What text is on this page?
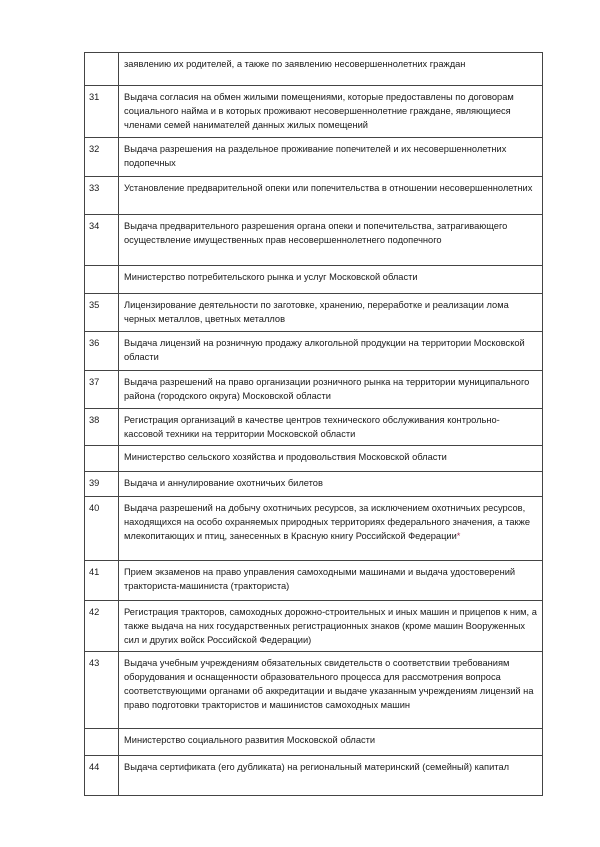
	заявлению их родителей, а также по заявлению несовершеннолетних граждан
31	Выдача согласия на обмен жилыми помещениями, которые предоставлены по договорам социального найма и в которых проживают несовершеннолетние граждане, являющиеся членами семей нанимателей данных жилых помещений
32	Выдача разрешения на раздельное проживание попечителей и их несовершеннолетних подопечных
33	Установление предварительной опеки или попечительства в отношении несовершеннолетних
34	Выдача предварительного разрешения органа опеки и попечительства, затрагивающего осуществление имущественных прав несовершеннолетнего подопечного
	Министерство потребительского рынка и услуг Московской области
35	Лицензирование деятельности по заготовке, хранению, переработке и реализации лома черных металлов, цветных металлов
36	Выдача лицензий на розничную продажу алкогольной продукции на территории Московской области
37	Выдача разрешений на право организации розничного рынка на территории муниципального района (городского округа) Московской области
38	Регистрация организаций в качестве центров технического обслуживания контрольно-кассовой техники на территории Московской области
	Министерство сельского хозяйства и продовольствия Московской области
39	Выдача и аннулирование охотничьих билетов
40	Выдача разрешений на добычу охотничьих ресурсов, за исключением охотничьих ресурсов, находящихся на особо охраняемых природных территориях федерального значения, а также млекопитающих и птиц, занесенных в Красную книгу Российской Федерации*
41	Прием экзаменов на право управления самоходными машинами и выдача удостоверений тракториста-машиниста (тракториста)
42	Регистрация тракторов, самоходных дорожно-строительных и иных машин и прицепов к ним, а также выдача на них государственных регистрационных знаков (кроме машин Вооруженных сил и других войск Российской Федерации)
43	Выдача учебным учреждениям обязательных свидетельств о соответствии требованиям оборудования и оснащенности образовательного процесса для рассмотрения вопроса соответствующими органами об аккредитации и выдаче указанным учреждениям лицензий на право подготовки трактористов и машинистов самоходных машин
	Министерство социального развития Московской области
44	Выдача сертификата (его дубликата) на региональный материнский (семейный) капитал
